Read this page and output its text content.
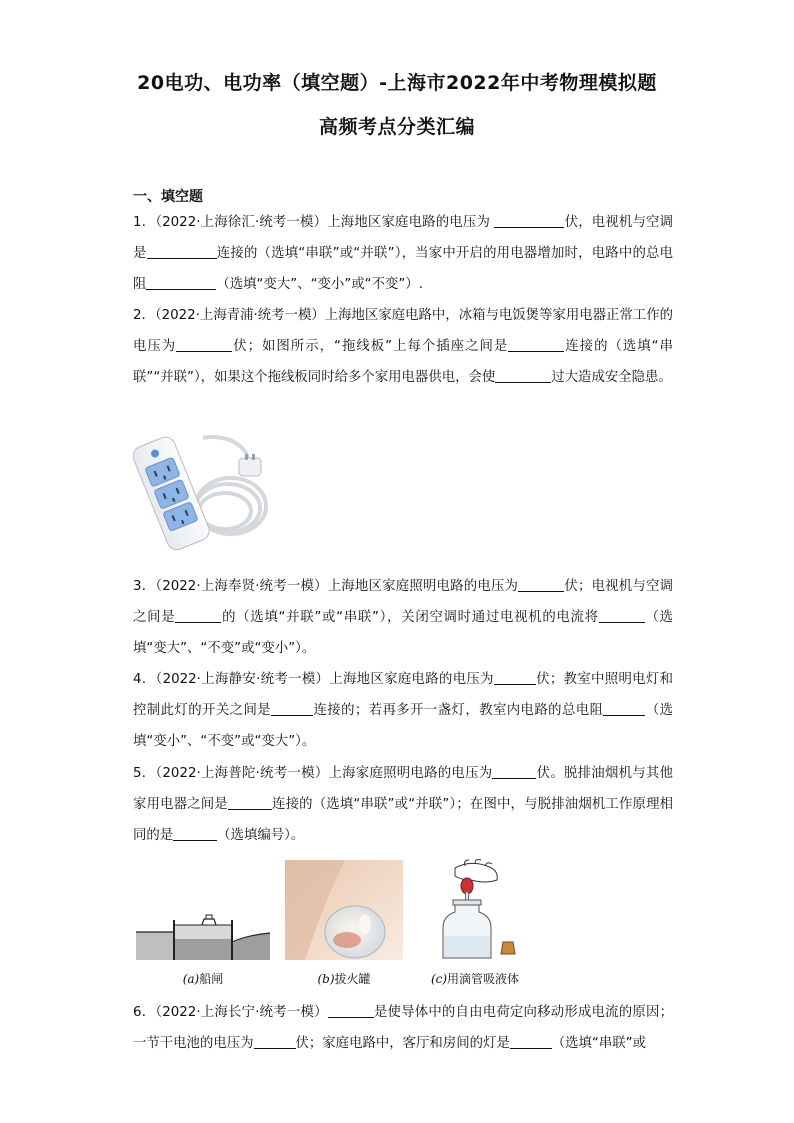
20电功、电功率（填空题）-上海市2022年中考物理模拟题
高频考点分类汇编
一、填空题
1．（2022·上海徐汇·统考一模）上海地区家庭电路的电压为	伏，电视机与空调是	连接的（选填“串联”或“并联”），当家中开启的用电器增加时，电路中的总电阻	（选填“变大”、“变小”或“不变”）.
2．（2022·上海青浦·统考一模）上海地区家庭电路中，冰箱与电饭煲等家用电器正常工作的电压为	伏；如图所示，“拖线板”上每个插座之间是	连接的（选填“串联”“并联”），如果这个拖线板同时给多个家用电器供电，会使	过大造成安全隐患。
3．（2022·上海奉贤·统考一模）上海地区家庭照明电路的电压为	伏；电视机与空调之间是	的（选填“并联”或“串联”），关闭空调时通过电视机的电流将	（选填“变大”、“不变”或“变小”）。
4．（2022·上海静安·统考一模）上海地区家庭电路的电压为	伏；教室中照明电灯和控制此灯的开关之间是	连接的；若再多开一盏灯，教室内电路的总电阻	（选填“变小”、“不变”或“变大”）。
5．（2022·上海普陀·统考一模）上海家庭照明电路的电压为	伏。脱排油烟机与其他家用电器之间是	连接的（选填“串联”或“并联”）；在图中，与脱排油烟机工作原理相同的是	（选填编号）。
(a)船闸	(b)拔火罐	(c)用滴管吸液体
6．（2022·上海长宁·统考一模）	是使导体中的自由电荷定向移动形成电流的原因；一节干电池的电压为	伏；家庭电路中，客厅和房间的灯是	（选填“串联”或
